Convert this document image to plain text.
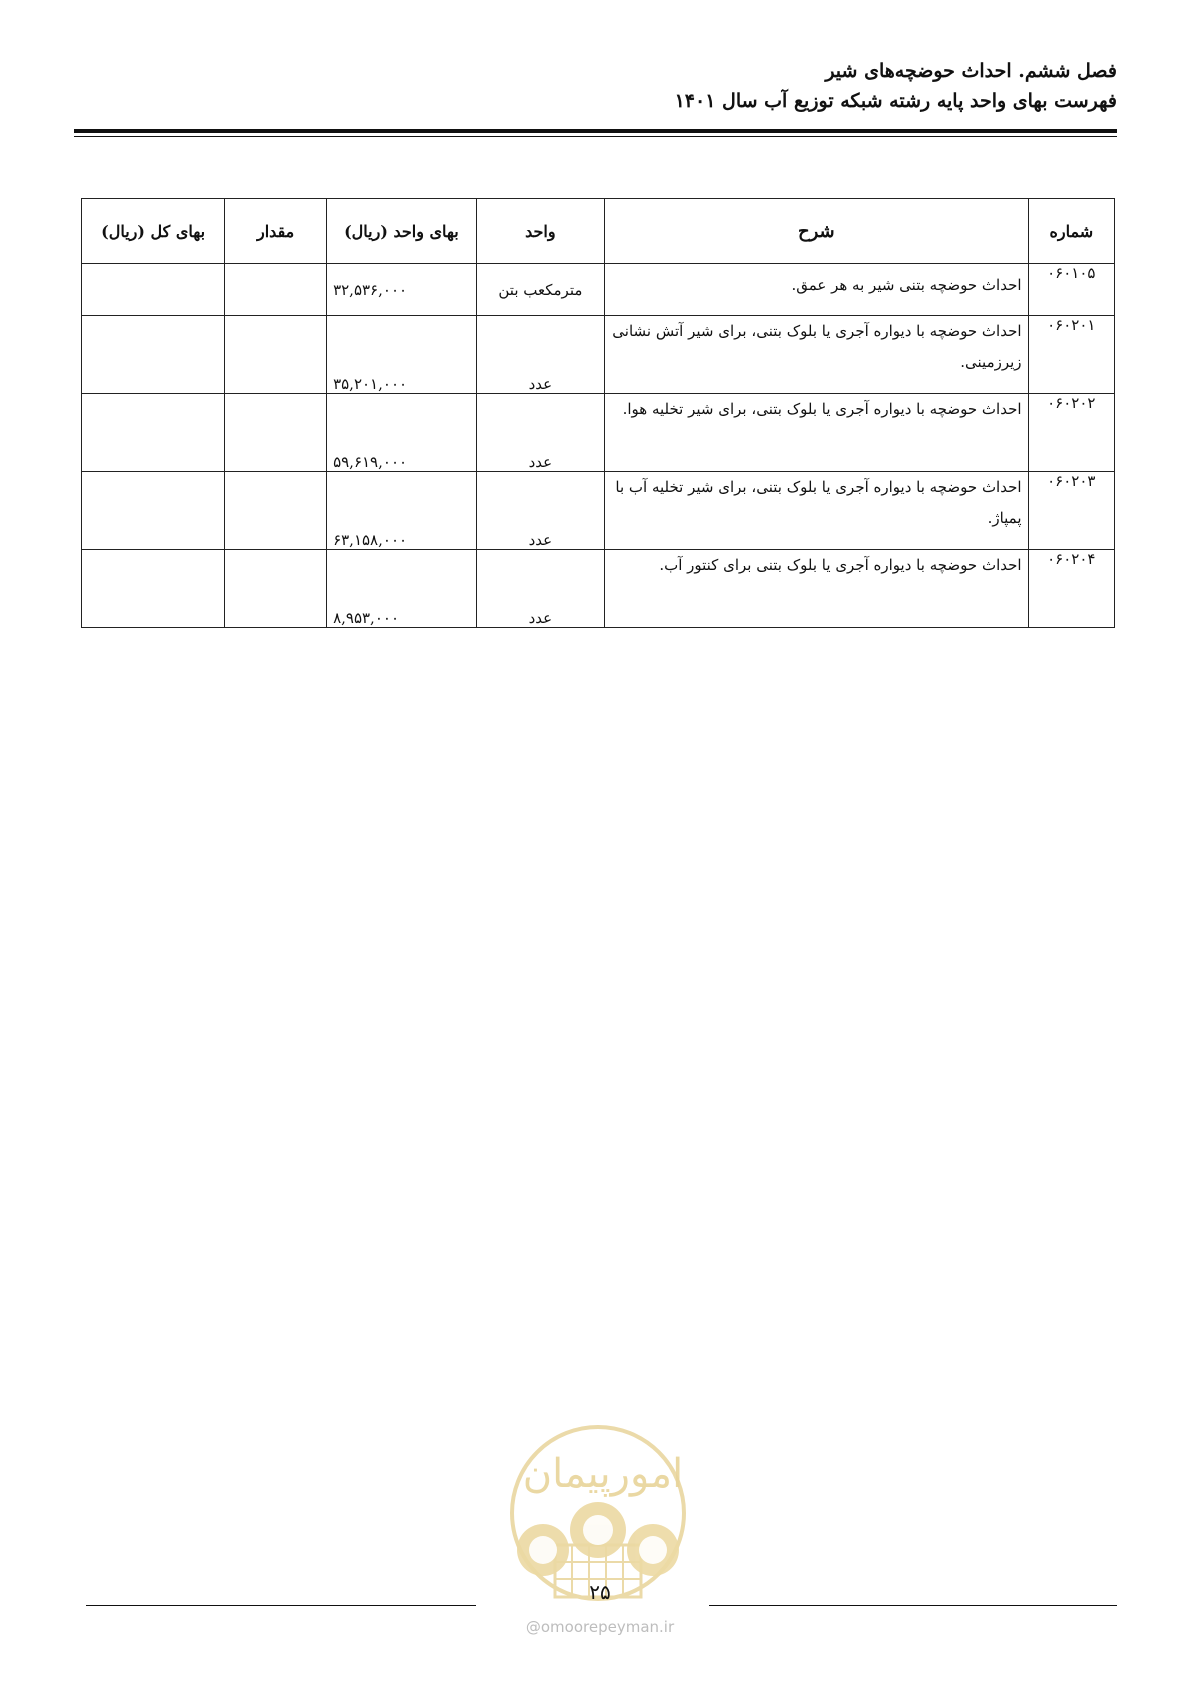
فصل ششم. احداث حوضچه‌های شیر
فهرست بهای واحد پایه رشته شبکه توزیع آب سال ۱۴۰۱
شماره	شرح	واحد	بهای واحد (ریال)	مقدار	بهای کل (ریال)
۰۶۰۱۰۵	احداث حوضچه بتنی شیر به هر عمق.	مترمکعب بتن	۳۲,۵۳۶,۰۰۰		
۰۶۰۲۰۱	احداث حوضچه با دیواره آجری یا بلوک بتنی، برای شیر آتش نشانی زیرزمینی.	عدد	۳۵,۲۰۱,۰۰۰		
۰۶۰۲۰۲	احداث حوضچه با دیواره آجری یا بلوک بتنی، برای شیر تخلیه هوا.	عدد	۵۹,۶۱۹,۰۰۰		
۰۶۰۲۰۳	احداث حوضچه با دیواره آجری یا بلوک بتنی، برای شیر تخلیه آب با پمپاژ.	عدد	۶۳,۱۵۸,۰۰۰		
۰۶۰۲۰۴	احداث حوضچه با دیواره آجری یا بلوک بتنی برای کنتور آب.	عدد	۸,۹۵۳,۰۰۰		
امورپیمان
۲۵
@omoorepeyman.ir
